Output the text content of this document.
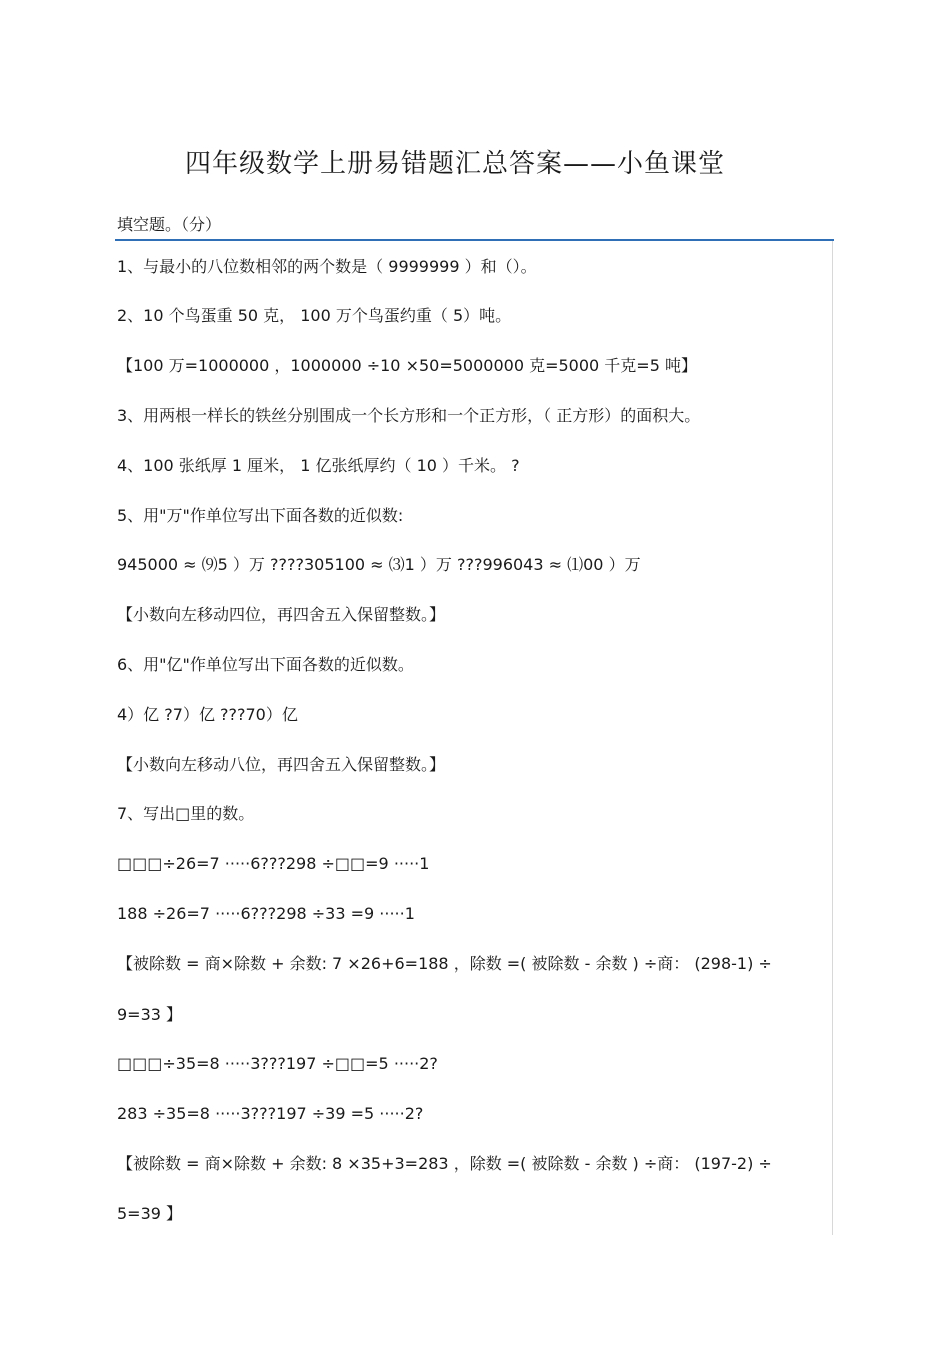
四年级数学上册易错题汇总答案——小鱼课堂
填空题。（分）
1、与最小的八位数相邻的两个数是（ 9999999 ）和（）。
2、10 个鸟蛋重 50 克， 100 万个鸟蛋约重（ 5）吨。
【100 万=1000000 ，1000000 ÷10 ×50=5000000 克=5000 千克=5 吨】
3、用两根一样长的铁丝分别围成一个长方形和一个正方形，（ 正方形）的面积大。
4、100 张纸厚 1 厘米， 1 亿张纸厚约（ 10 ）千米。 ?
5、用"万"作单位写出下面各数的近似数:
945000 ≈ ⑼5 ）万 ????305100 ≈ ⑶1 ）万 ???996043 ≈ ⑴00 ）万
【小数向左移动四位，再四舍五入保留整数。】
6、用"亿"作单位写出下面各数的近似数。
4）亿 ?7）亿 ???70）亿
【小数向左移动八位，再四舍五入保留整数。】
7、写出□里的数。
□□□÷26=7 ·····6???298 ÷□□=9 ·····1
188 ÷26=7 ·····6???298 ÷33 =9 ·····1
【被除数 = 商×除数 + 余数: 7 ×26+6=188 ，除数 =( 被除数 - 余数 ) ÷商： (298-1) ÷
9=33 】
□□□÷35=8 ·····3???197 ÷□□=5 ·····2?
283 ÷35=8 ·····3???197 ÷39 =5 ·····2?
【被除数 = 商×除数 + 余数: 8 ×35+3=283 ，除数 =( 被除数 - 余数 ) ÷商： (197-2) ÷
5=39 】
